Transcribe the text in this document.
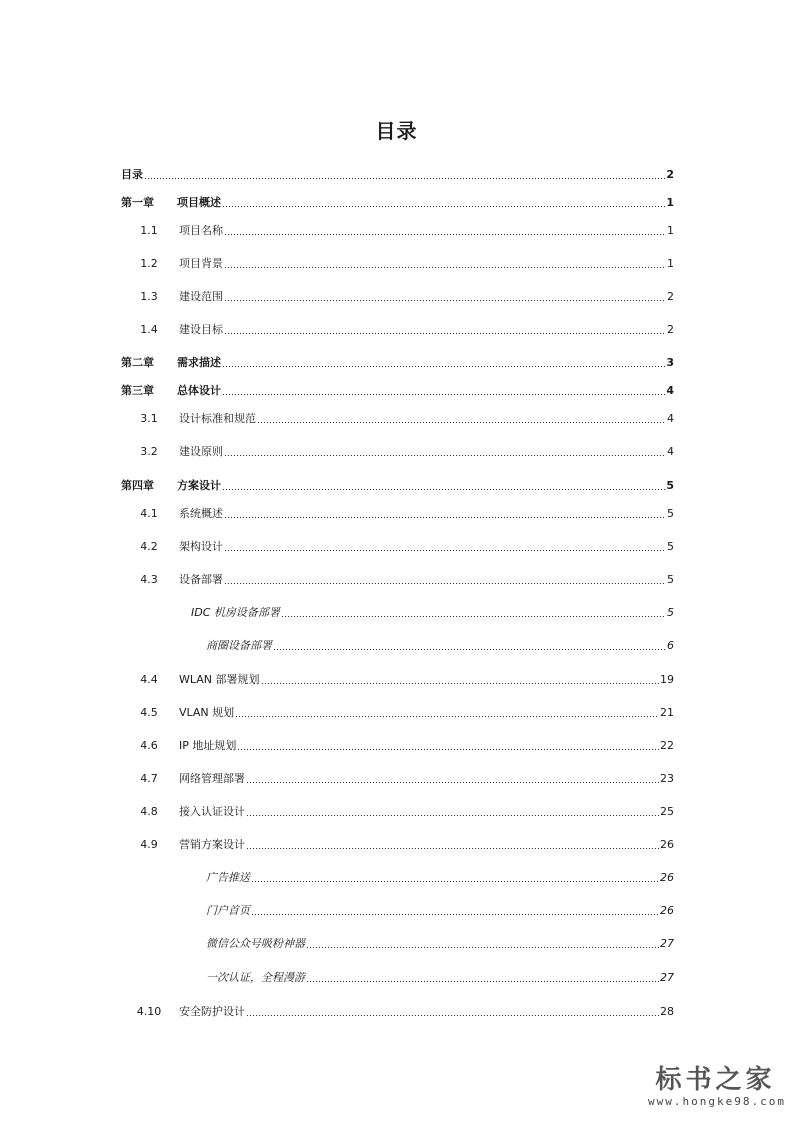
目录
目录	2
第一章	项目概述	1
1.1	项目名称	1
1.2	项目背景	1
1.3	建设范围	2
1.4	建设目标	2
第二章	需求描述	3
第三章	总体设计	4
3.1	设计标准和规范	4
3.2	建设原则	4
第四章	方案设计	5
4.1	系统概述	5
4.2	架构设计	5
4.3	设备部署	5
IDC 机房设备部署	5
商圈设备部署	6
4.4	WLAN 部署规划	19
4.5	VLAN 规划	21
4.6	IP 地址规划	22
4.7	网络管理部署	23
4.8	接入认证设计	25
4.9	营销方案设计	26
广告推送	26
门户首页	26
微信公众号吸粉神器	27
一次认证，全程漫游	27
4.10	安全防护设计	28
标书之家
www.hongke98.com
